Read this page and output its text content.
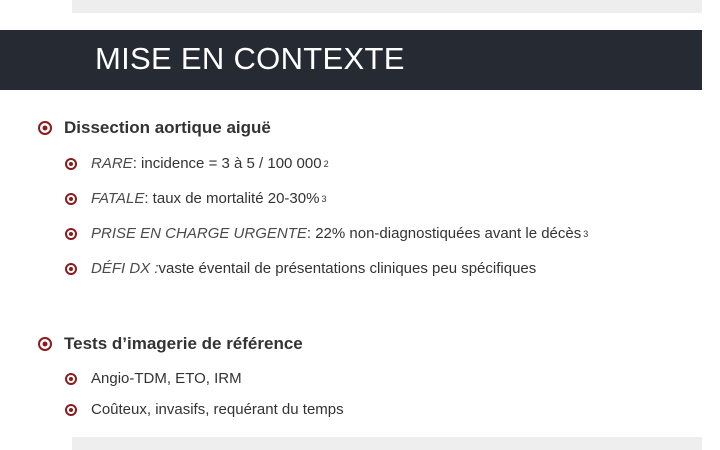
MISE EN CONTEXTE
Dissection aortique aiguë
RARE : incidence = 3 à 5 / 100 000 2
FATALE : taux de mortalité 20-30% 3
PRISE EN CHARGE URGENTE : 22% non-diagnostiquées avant le décès 3
DÉFI DX : vaste éventail de présentations cliniques peu spécifiques
Tests d’imagerie de référence
Angio-TDM, ETO, IRM
Coûteux, invasifs, requérant du temps
